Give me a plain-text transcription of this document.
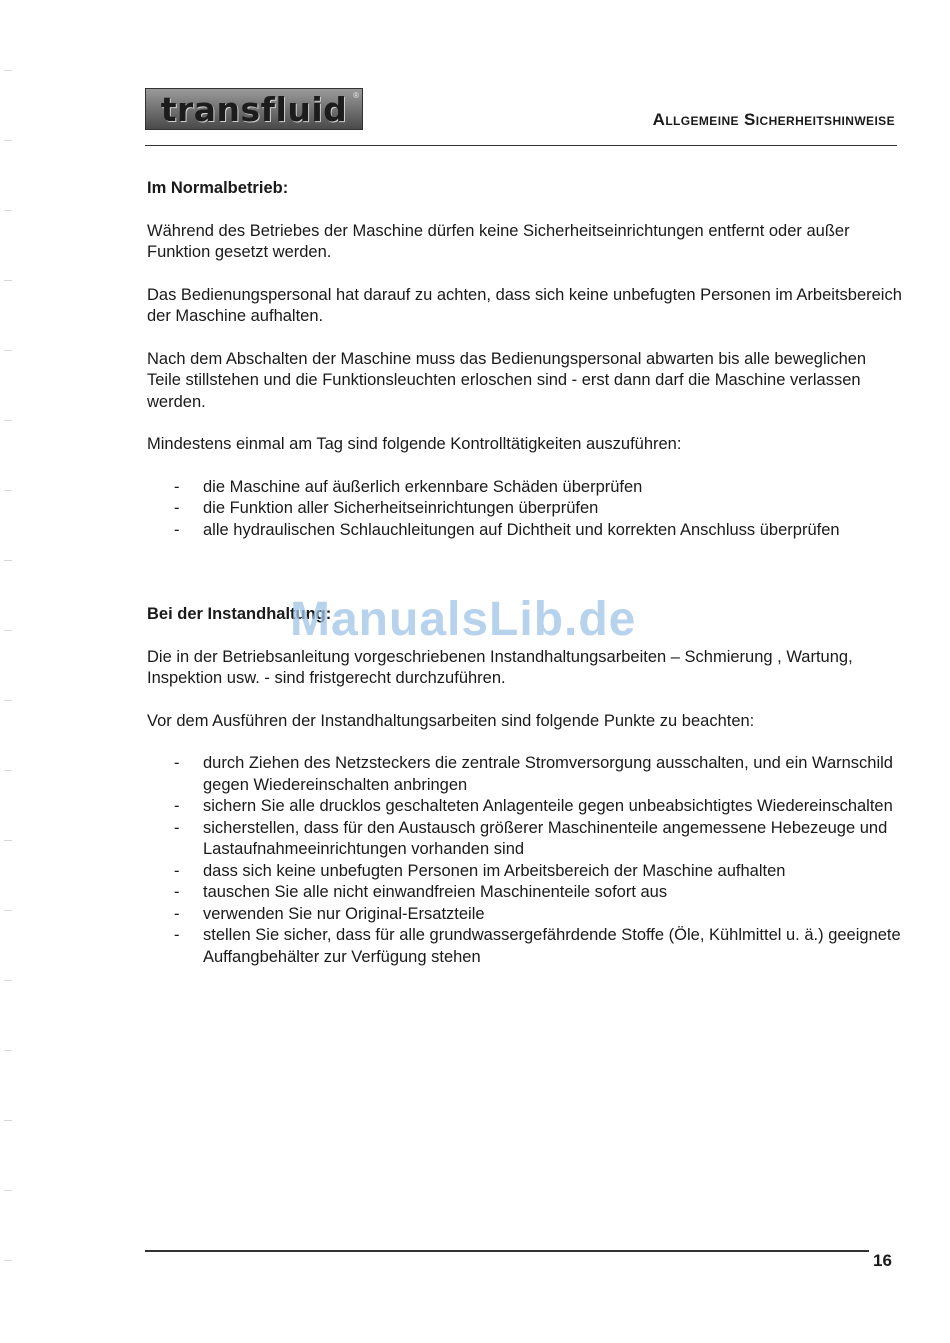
transfluid ®
Allgemeine Sicherheitshinweise
Im Normalbetrieb:

Während des Betriebes der Maschine dürfen keine Sicherheitseinrichtungen entfernt oder außer Funktion gesetzt werden.

Das Bedienungspersonal hat darauf zu achten, dass sich keine unbefugten Personen im Arbeitsbereich der Maschine aufhalten.

Nach dem Abschalten der Maschine muss das Bedienungspersonal abwarten bis alle beweglichen Teile stillstehen und die Funktionsleuchten erloschen sind - erst dann darf die Maschine verlassen werden.

Mindestens einmal am Tag sind folgende Kontrolltätigkeiten auszuführen:

- die Maschine auf äußerlich erkennbare Schäden überprüfen
- die Funktion aller Sicherheitseinrichtungen überprüfen
- alle hydraulischen Schlauchleitungen auf Dichtheit und korrekten Anschluss überprüfen
Bei der Instandhaltung:

Die in der Betriebsanleitung vorgeschriebenen Instandhaltungsarbeiten – Schmierung , Wartung, Inspektion usw. - sind fristgerecht durchzuführen.

Vor dem Ausführen der Instandhaltungsarbeiten sind folgende Punkte zu beachten:

- durch Ziehen des Netzsteckers die zentrale Stromversorgung ausschalten, und ein Warnschild gegen Wiedereinschalten anbringen
- sichern Sie alle drucklos geschalteten Anlagenteile gegen unbeabsichtigtes Wiedereinschalten
- sicherstellen, dass für den Austausch größerer Maschinenteile angemessene Hebezeuge und Lastaufnahmeeinrichtungen vorhanden sind
- dass sich keine unbefugten Personen im Arbeitsbereich der Maschine aufhalten
- tauschen Sie alle nicht einwandfreien Maschinenteile sofort aus
- verwenden Sie nur Original-Ersatzteile
- stellen Sie sicher, dass für alle grundwassergefährdende Stoffe (Öle, Kühlmittel u. ä.) geeignete Auffangbehälter zur Verfügung stehen
ManualsLib.de
16
